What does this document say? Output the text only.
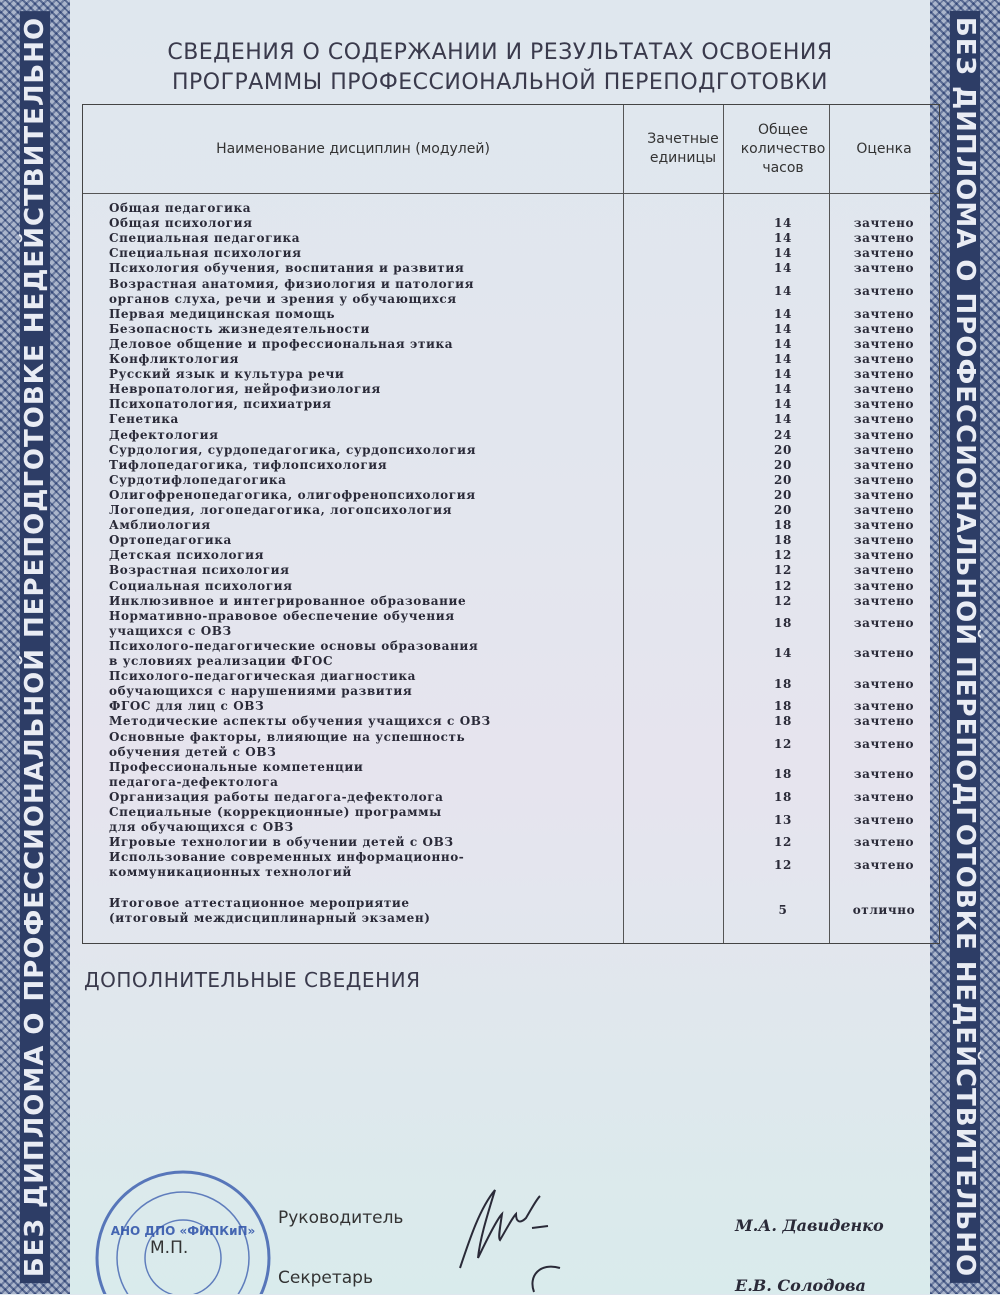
БЕЗ ДИПЛОМА О ПРОФЕССИОНАЛЬНОЙ ПЕРЕПОДГОТОВКЕ НЕДЕЙСТВИТЕЛЬНО	БЕЗ ДИПЛОМА О ПРОФЕССИОНАЛЬНОЙ ПЕРЕПОДГОТОВКЕ НЕДЕЙСТВИТЕЛЬНО
СВЕДЕНИЯ О СОДЕРЖАНИИ И РЕЗУЛЬТАТАХ ОСВОЕНИЯ
ПРОГРАММЫ ПРОФЕССИОНАЛЬНОЙ ПЕРЕПОДГОТОВКИ
Наименование дисциплин (модулей)
Зачетные единицы
Общее количество часов
Оценка
Общая педагогика
Общая психология	14	зачтено
Специальная педагогика	14	зачтено
Специальная психология	14	зачтено
Психология обучения, воспитания и развития	14	зачтено
Возрастная анатомия, физиология и патология
органов слуха, речи и зрения у обучающихся
14	зачтено
Первая медицинская помощь	14	зачтено
Безопасность жизнедеятельности	14	зачтено
Деловое общение и профессиональная этика	14	зачтено
Конфликтология	14	зачтено
Русский язык и культура речи	14	зачтено
Невропатология, нейрофизиология	14	зачтено
Психопатология, психиатрия	14	зачтено
Генетика	14	зачтено
Дефектология	24	зачтено
Сурдология, сурдопедагогика, сурдопсихология	20	зачтено
Тифлопедагогика, тифлопсихология	20	зачтено
Сурдотифлопедагогика	20	зачтено
Олигофренопедагогика, олигофренопсихология	20	зачтено
Логопедия, логопедагогика, логопсихология	20	зачтено
Амблиология	18	зачтено
Ортопедагогика	18	зачтено
Детская психология	12	зачтено
Возрастная психология	12	зачтено
Социальная психология	12	зачтено
Инклюзивное и интегрированное образование	12	зачтено
Нормативно-правовое обеспечение обучения
учащихся с ОВЗ
18	зачтено
Психолого-педагогические основы образования
в условиях реализации ФГОС
14	зачтено
Психолого-педагогическая диагностика
обучающихся с нарушениями развития
18	зачтено
ФГОС для лиц с ОВЗ	18	зачтено
Методические аспекты обучения учащихся с ОВЗ	18	зачтено
Основные факторы, влияющие на успешность
обучения детей с ОВЗ
12	зачтено
Профессиональные компетенции
педагога-дефектолога
18	зачтено
Организация работы педагога-дефектолога	18	зачтено
Специальные (коррекционные) программы
для обучающихся с ОВЗ
13	зачтено
Игровые технологии в обучении детей с ОВЗ	12	зачтено
Использование современных информационно-
коммуникационных технологий
12	зачтено
Итоговое аттестационное мероприятие
(итоговый междисциплинарный экзамен)
5	отлично
ДОПОЛНИТЕЛЬНЫЕ СВЕДЕНИЯ
АНО ДПО «ФИПКиП»
М.П.
Руководитель	М.А. Давиденко
Секретарь	Е.В. Солодова
